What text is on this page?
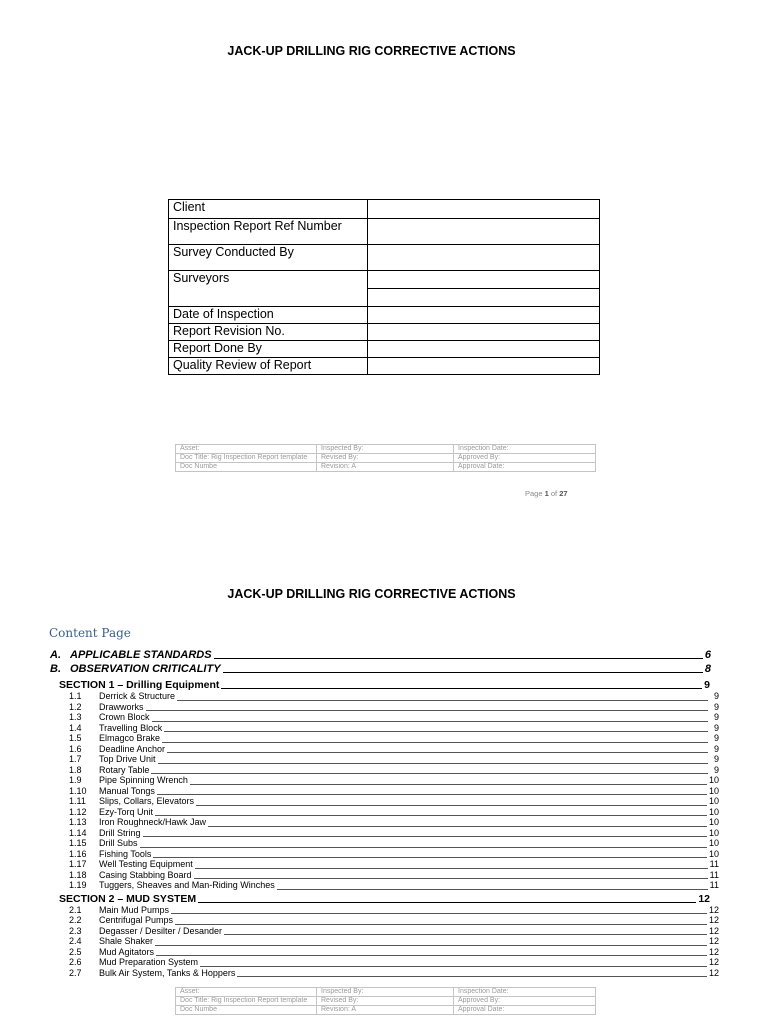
JACK-UP DRILLING RIG CORRECTIVE ACTIONS
Client	
Inspection Report Ref Number	
Survey Conducted By	
Surveyors	

Date of Inspection	
Report Revision No.	
Report Done By	
Quality Review of Report	
Asset:	Inspected By:	Inspection Date:
Doc Title: Rig Inspection Report template	Revised By:	Approved By:
Doc Numbe	Revision: A	Approval Date:
Page 1 of 27
JACK-UP DRILLING RIG CORRECTIVE ACTIONS
Content Page
A. APPLICABLE STANDARDS	6
B. OBSERVATION CRITICALITY	8
SECTION 1 – Drilling Equipment	9
1.1	Derrick & Structure	9
1.2	Drawworks	9
1.3	Crown Block	9
1.4	Travelling Block	9
1.5	Elmagco Brake	9
1.6	Deadline Anchor	9
1.7	Top Drive Unit	9
1.8	Rotary Table	9
1.9	Pipe Spinning Wrench	10
1.10	Manual Tongs	10
1.11	Slips, Collars, Elevators	10
1.12	Ezy-Torq Unit	10
1.13	Iron Roughneck/Hawk Jaw	10
1.14	Drill String	10
1.15	Drill Subs	10
1.16	Fishing Tools	10
1.17	Well Testing Equipment	11
1.18	Casing Stabbing Board	11
1.19	Tuggers, Sheaves and Man-Riding Winches	11
SECTION 2 – MUD SYSTEM	12
2.1	Main Mud Pumps	12
2.2	Centrifugal Pumps	12
2.3	Degasser / Desilter / Desander	12
2.4	Shale Shaker	12
2.5	Mud Agitators	12
2.6	Mud Preparation System	12
2.7	Bulk Air System, Tanks & Hoppers	12
Asset:	Inspected By:	Inspection Date:
Doc Title: Rig Inspection Report template	Revised By:	Approved By:
Doc Numbe	Revision: A	Approval Date:
